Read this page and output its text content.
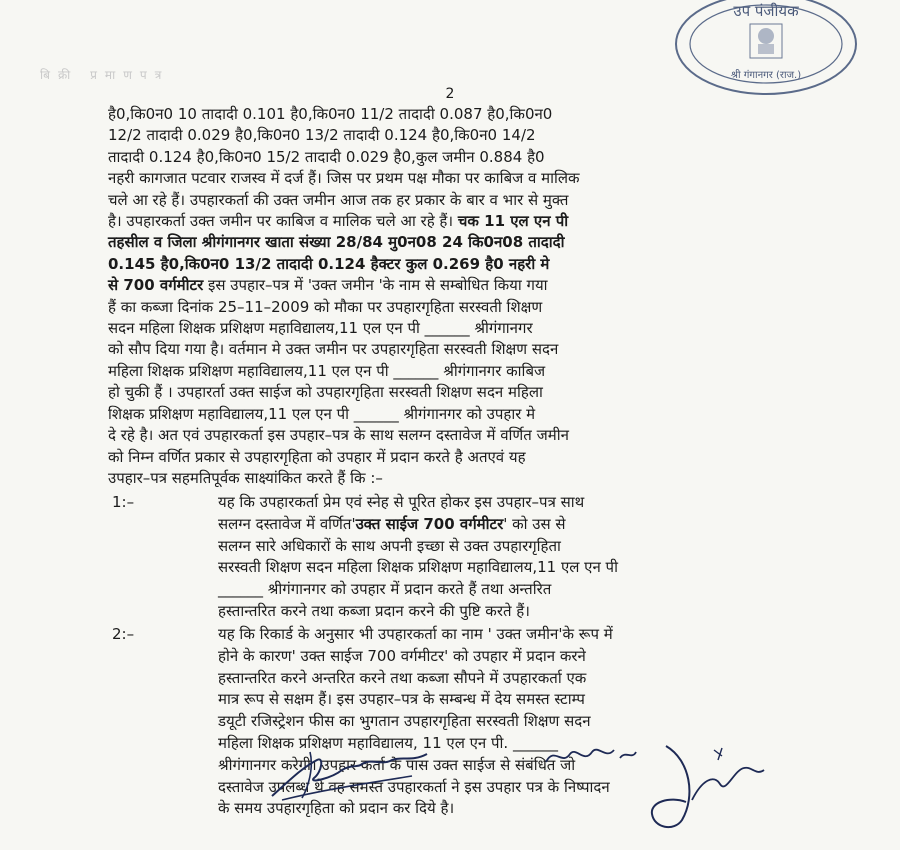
बिक्री प्रमाणपत्र
उप पंजीयक
श्री गंगानगर (राज.)
2

है0,कि0न0 10 तादादी 0.101 है0,कि0न0 11/2 तादादी 0.087 है0,कि0न0

12/2 तादादी 0.029 है0,कि0न0 13/2 तादादी 0.124 है0,कि0न0 14/2

तादादी 0.124 है0,कि0न0 15/2 तादादी 0.029 है0,कुल जमीन 0.884 है0

नहरी कागजात पटवार राजस्व में दर्ज हैं। जिस पर प्रथम पक्ष मौका पर काबिज व मालिक

चले आ रहे हैं। उपहारकर्ता की उक्त जमीन आज तक हर प्रकार के बार व भार से मुक्त

है। उपहारकर्ता उक्त जमीन पर काबिज व मालिक चले आ रहे हैं। चक 11 एल एन पी

तहसील व जिला श्रीगंगानगर खाता संख्या 28/84 मु0न08 24 कि0न08 तादादी

0.145 है0,कि0न0 13/2 तादादी 0.124 हैक्टर कुल 0.269 है0 नहरी मे

से 700 वर्गमीटर इस उपहार–पत्र में 'उक्त जमीन 'के नाम से सम्बोधित किया गया

हैं का कब्जा दिनांक 25–11–2009 को मौका पर उपहारगृहिता सरस्वती शिक्षण

सदन महिला शिक्षक प्रशिक्षण महाविद्यालय,11 एल एन पी ______ श्रीगंगानगर

को सौप दिया गया है। वर्तमान मे उक्त जमीन पर उपहारगृहिता सरस्वती शिक्षण सदन

महिला शिक्षक प्रशिक्षण महाविद्यालय,11 एल एन पी ______ श्रीगंगानगर काबिज

हो चुकी हैं । उपहारर्ता उक्त साईज को उपहारगृहिता सरस्वती शिक्षण सदन महिला

शिक्षक प्रशिक्षण महाविद्यालय,11 एल एन पी ______ श्रीगंगानगर को उपहार मे

दे रहे है। अत एवं उपहारकर्ता इस उपहार–पत्र के साथ सलग्न दस्तावेज में वर्णित जमीन

को निम्न वर्णित प्रकार से उपहारगृहिता को उपहार में प्रदान करते है अतएवं यह

उपहार–पत्र सहमतिपूर्वक साक्ष्यांकित करते हैं कि :–

1:–	यह कि उपहारकर्ता प्रेम एवं स्नेह से पूरित होकर इस उपहार–पत्र साथ
सलग्न दस्तावेज में वर्णित'उक्त साईज 700 वर्गमीटर' को उस से
सलग्न सारे अधिकारों के साथ अपनी इच्छा से उक्त उपहारगृहिता
सरस्वती शिक्षण सदन महिला शिक्षक प्रशिक्षण महाविद्यालय,11 एल एन पी
______ श्रीगंगानगर को उपहार में प्रदान करते हैं तथा अन्तरित
हस्तान्तरित करने तथा कब्जा प्रदान करने की पुष्टि करते हैं।
2:–	यह कि रिकार्ड के अनुसार भी उपहारकर्ता का नाम ' उक्त जमीन'के रूप में
होने के कारण' उक्त साईज 700 वर्गमीटर' को उपहार में प्रदान करने
हस्तान्तरित करने अन्तरित करने तथा कब्जा सौपने में उपहारकर्ता एक
मात्र रूप से सक्षम हैं। इस उपहार–पत्र के सम्बन्ध में देय समस्त स्टाम्प
डयूटी रजिस्ट्रेशन फीस का भुगतान उपहारगृहिता सरस्वती शिक्षण सदन
महिला शिक्षक प्रशिक्षण महाविद्यालय, 11 एल एन पी. ______
श्रीगंगानगर करेगी। उपहार कर्ता के पास उक्त साईज से संबंधित जो
दस्तावेज उपलब्ध थे वह समस्त उपहारकर्ता ने इस उपहार पत्र के निष्पादन
के समय उपहारगृहिता को प्रदान कर दिये है।
